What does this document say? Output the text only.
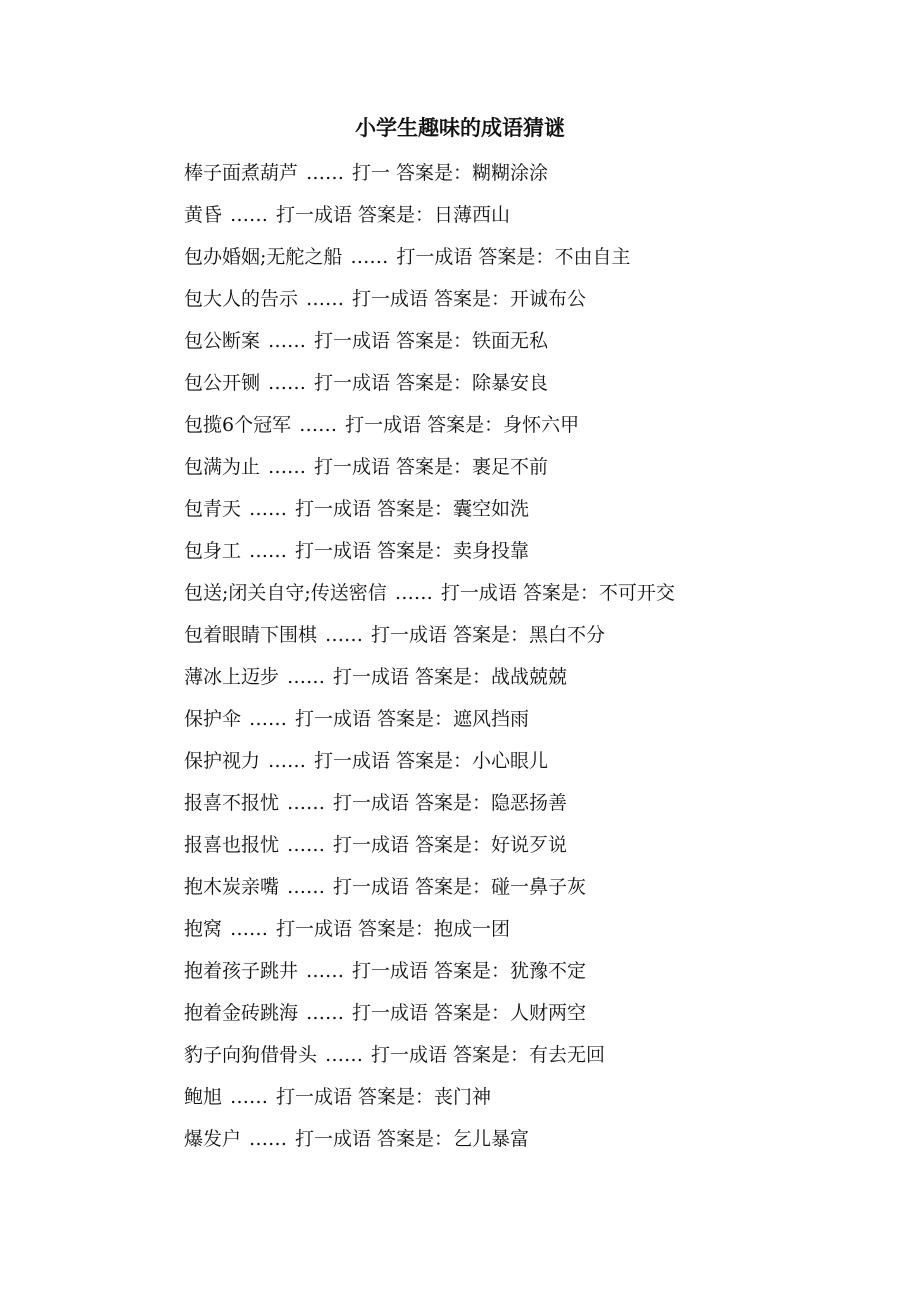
小学生趣味的成语猜谜
棒子面煮葫芦 …… 打一 答案是：糊糊涂涂
黄昏 …… 打一成语 答案是：日薄西山
包办婚姻;无舵之船 …… 打一成语 答案是：不由自主
包大人的告示 …… 打一成语 答案是：开诚布公
包公断案 …… 打一成语 答案是：铁面无私
包公开铡 …… 打一成语 答案是：除暴安良
包揽6个冠军 …… 打一成语 答案是：身怀六甲
包满为止 …… 打一成语 答案是：裹足不前
包青天 …… 打一成语 答案是：囊空如洗
包身工 …… 打一成语 答案是：卖身投靠
包送;闭关自守;传送密信 …… 打一成语 答案是：不可开交
包着眼睛下围棋 …… 打一成语 答案是：黑白不分
薄冰上迈步 …… 打一成语 答案是：战战兢兢
保护伞 …… 打一成语 答案是：遮风挡雨
保护视力 …… 打一成语 答案是：小心眼儿
报喜不报忧 …… 打一成语 答案是：隐恶扬善
报喜也报忧 …… 打一成语 答案是：好说歹说
抱木炭亲嘴 …… 打一成语 答案是：碰一鼻子灰
抱窝 …… 打一成语 答案是：抱成一团
抱着孩子跳井 …… 打一成语 答案是：犹豫不定
抱着金砖跳海 …… 打一成语 答案是：人财两空
豹子向狗借骨头 …… 打一成语 答案是：有去无回
鲍旭 …… 打一成语 答案是：丧门神
爆发户 …… 打一成语 答案是：乞儿暴富
